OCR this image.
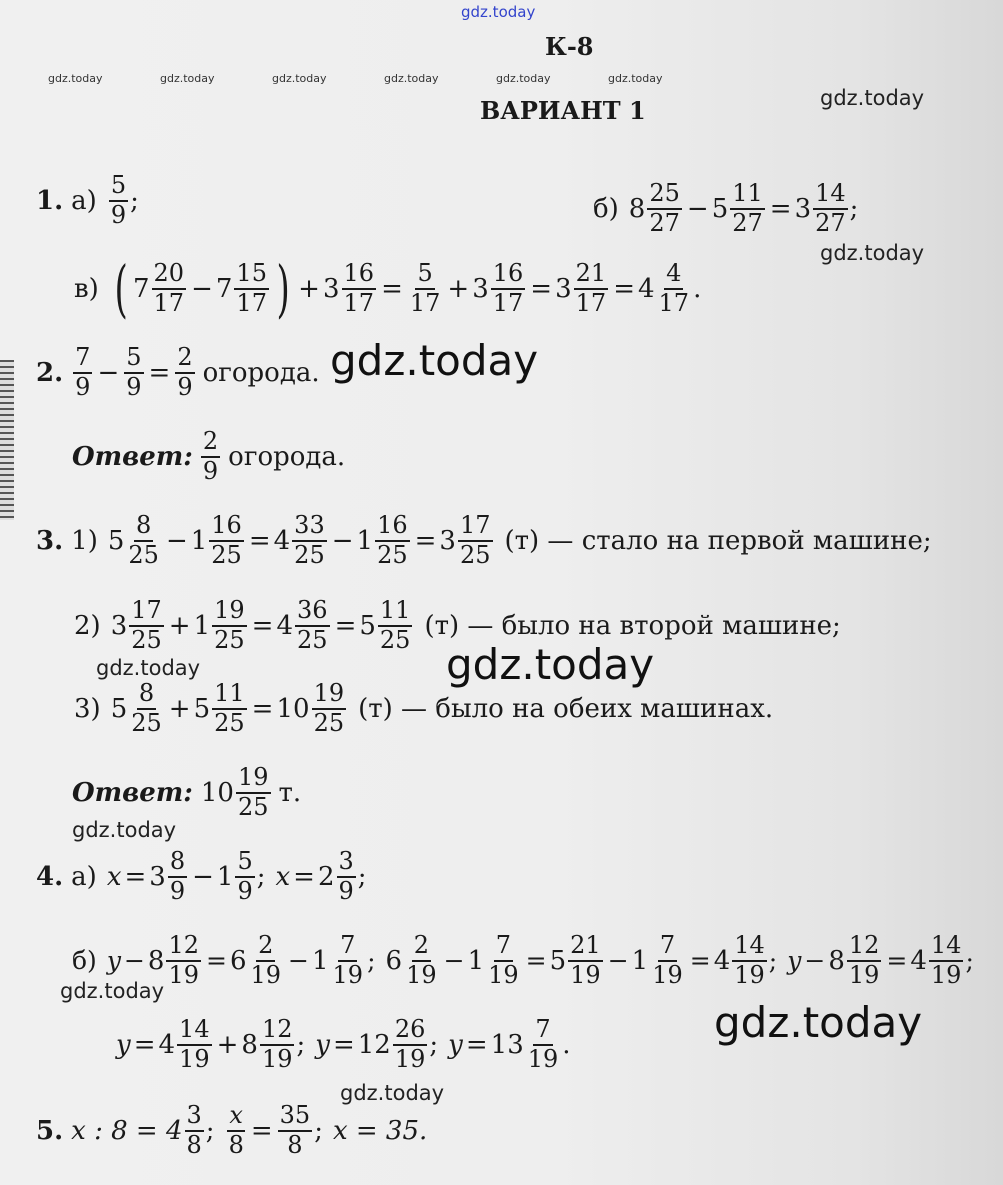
gdz.today
gdz.today	gdz.today	gdz.today	gdz.today	gdz.today	gdz.today
gdz.today
gdz.today
gdz.today
gdz.today
gdz.today
gdz.today
gdz.today
gdz.today
gdz.today
К-8
ВАРИАНТ 1
1. $а) \frac{5}{9}$ ;	б) $8 \frac{25}{27} - 5 \frac{11}{27} = 3 \frac{14}{27}$ ;
в) ( $7 \frac{20}{17} - 7 \frac{15}{17}$ ) + $3 \frac{16}{17} = \frac{5}{17} + 3 \frac{16}{17} = 3 \frac{21}{17} = 4 \frac{4}{17}$ .
2. $\frac{7}{9} - \frac{5}{9} = \frac{2}{9}$ огорода.
Ответ: $\frac{2}{9}$ огорода.
3. 1) $5 \frac{8}{25} - 1 \frac{16}{25} = 4 \frac{33}{25} - 1 \frac{16}{25} = 3 \frac{17}{25} (т)$ — стало на первой машине;
2) $3 \frac{17}{25} + 1 \frac{19}{25} = 4 \frac{36}{25} = 5 \frac{11}{25} (т)$ — было на второй машине;
3) $5 \frac{8}{25} + 5 \frac{11}{25} = 10 \frac{19}{25} (т)$ — было на обеих машинах.
Ответ: $10 \frac{19}{25} т$.
4. а) $x = 3 \frac{8}{9} - 1 \frac{5}{9}$ ; $x = 2 \frac{3}{9}$ ;
б) $y - 8 \frac{12}{19} = 6 \frac{2}{19} - 1 \frac{7}{19}$ ; $6 \frac{2}{19} - 1 \frac{7}{19} = 5 \frac{21}{19} - 1 \frac{7}{19} = 4 \frac{14}{19}$ ; $y - 8 \frac{12}{19} = 4 \frac{14}{19}$ ;
$y = 4 \frac{14}{19} + 8 \frac{12}{19}$ ; $y = 12 \frac{26}{19}$ ; $y = 13 \frac{7}{19}$ .
5. x : $8 = 4 \frac{3}{8}$ ; $\frac{x}{8} = \frac{35}{8}$ ; x = 35.
